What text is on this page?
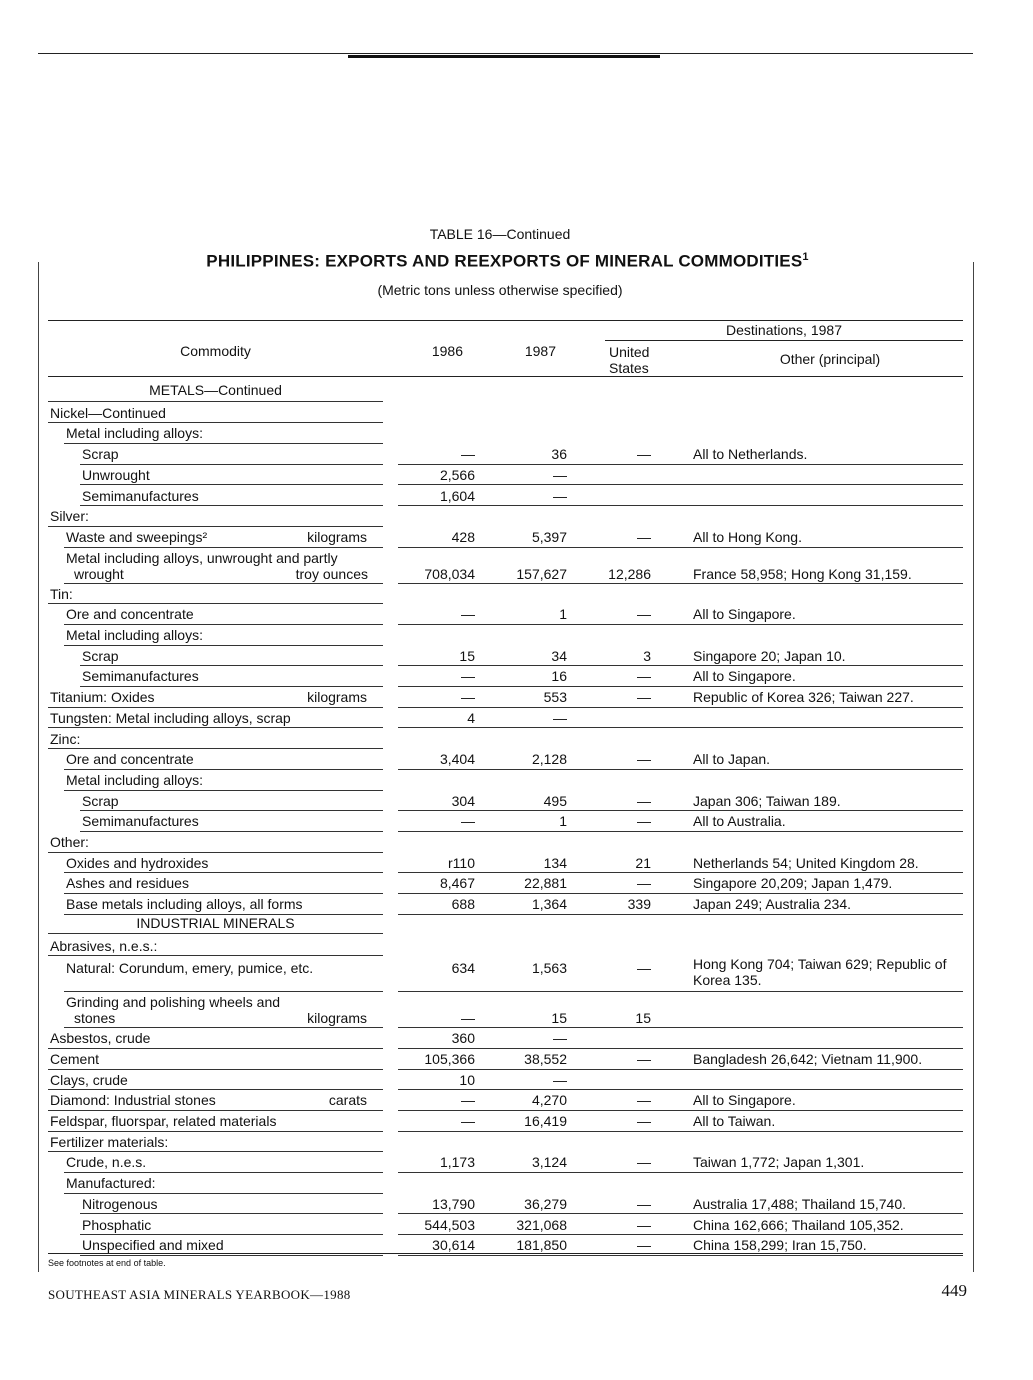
TABLE 16—Continued
PHILIPPINES: EXPORTS AND REEXPORTS OF MINERAL COMMODITIES$^1$
(Metric tons unless otherwise specified)
Commodity	1986	1987
Destinations, 1987
United
States
Other (principal)
METALS—Continued
Nickel—Continued
Metal including alloys:
Scrap	—	36	—	All to Netherlands.
Unwrought	2,566	—
Semimanufactures	1,604	—
Silver:
Waste and sweepings²	kilograms	428	5,397	—	All to Hong Kong.
Metal including alloys, unwrought and partly
wrought	troy ounces	708,034	157,627	12,286	France 58,958; Hong Kong 31,159.
Tin:
Ore and concentrate	—	1	—	All to Singapore.
Metal including alloys:
Scrap	15	34	3	Singapore 20; Japan 10.
Semimanufactures	—	16	—	All to Singapore.
Titanium: Oxides	kilograms	—	553	—	Republic of Korea 326; Taiwan 227.
Tungsten: Metal including alloys, scrap	4	—
Zinc:
Ore and concentrate	3,404	2,128	—	All to Japan.
Metal including alloys:
Scrap	304	495	—	Japan 306; Taiwan 189.
Semimanufactures	—	1	—	All to Australia.
Other:
Oxides and hydroxides	r110	134	21	Netherlands 54; United Kingdom 28.
Ashes and residues	8,467	22,881	—	Singapore 20,209; Japan 1,479.
Base metals including alloys, all forms	688	1,364	339	Japan 249; Australia 234.
INDUSTRIAL MINERALS
Abrasives, n.e.s.:
Natural: Corundum, emery, pumice, etc.	634	1,563	—	Hong Kong 704; Taiwan 629; Republic of Korea 135.
Grinding and polishing wheels and
stones	kilograms	—	15	15
Asbestos, crude	360	—
Cement	105,366	38,552	—	Bangladesh 26,642; Vietnam 11,900.
Clays, crude	10	—
Diamond: Industrial stones	carats	—	4,270	—	All to Singapore.
Feldspar, fluorspar, related materials	—	16,419	—	All to Taiwan.
Fertilizer materials:
Crude, n.e.s.	1,173	3,124	—	Taiwan 1,772; Japan 1,301.
Manufactured:
Nitrogenous	13,790	36,279	—	Australia 17,488; Thailand 15,740.
Phosphatic	544,503	321,068	—	China 162,666; Thailand 105,352.
Unspecified and mixed	30,614	181,850	—	China 158,299; Iran 15,750.
See footnotes at end of table.
SOUTHEAST ASIA MINERALS YEARBOOK—1988	449
